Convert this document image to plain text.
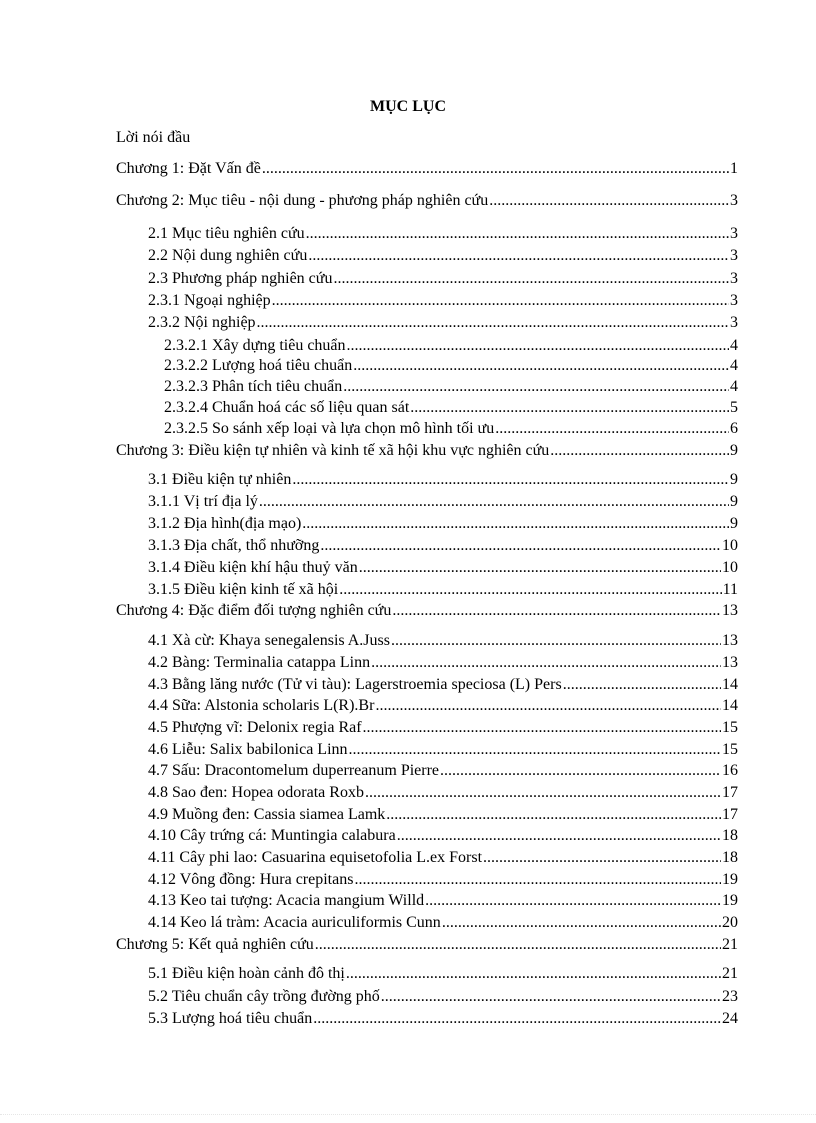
MỤC LỤC
Lời nói đầu
Chương 1: Đặt Vấn đề .....	1
Chương 2: Mục tiêu - nội dung - phương pháp nghiên cứu .....	3
2.1 Mục tiêu nghiên cứu .....	3
2.2 Nội dung nghiên cứu .....	3
2.3 Phương pháp nghiên cứu .....	3
2.3.1 Ngoại nghiệp .....	3
2.3.2 Nội nghiệp .....	3
2.3.2.1 Xây dựng tiêu chuẩn .....	4
2.3.2.2 Lượng hoá tiêu chuẩn .....	4
2.3.2.3 Phân tích tiêu chuẩn .....	4
2.3.2.4 Chuẩn hoá các số liệu quan sát .....	5
2.3.2.5 So sánh xếp loại và lựa chọn mô hình tối ưu .....	6
Chương 3: Điều kiện tự nhiên và kinh tế xã hội khu vực nghiên cứu .....	9
3.1 Điều kiện tự nhiên .....	9
3.1.1 Vị trí địa lý .....	9
3.1.2 Địa hình(địa mạo) .....	9
3.1.3 Địa chất, thổ nhưỡng .....	10
3.1.4 Điều kiện khí hậu thuỷ văn .....	10
3.1.5 Điều kiện kinh tế xã hội .....	11
Chương 4: Đặc điểm đối tượng nghiên cứu .....	13
4.1 Xà cừ: Khaya senegalensis A.Juss .....	13
4.2 Bàng: Terminalia catappa Linn .....	13
4.3 Bằng lăng nước (Tử vi tàu): Lagerstroemia speciosa (L) Pers .....	14
4.4 Sữa: Alstonia scholaris L(R).Br .....	14
4.5 Phượng vĩ: Delonix regia Raf .....	15
4.6 Liễu: Salix babilonica Linn .....	15
4.7 Sấu: Dracontomelum duperreanum Pierre .....	16
4.8 Sao đen: Hopea odorata Roxb .....	17
4.9 Muồng đen: Cassia siamea Lamk .....	17
4.10 Cây trứng cá: Muntingia calabura .....	18
4.11 Cây phi lao: Casuarina equisetofolia L.ex Forst .....	18
4.12 Vông đồng: Hura crepitans .....	19
4.13 Keo tai tượng: Acacia mangium Willd .....	19
4.14 Keo lá tràm: Acacia auriculiformis Cunn .....	20
Chương 5: Kết quả nghiên cứu .....	21
5.1 Điều kiện hoàn cảnh đô thị .....	21
5.2 Tiêu chuẩn cây trồng đường phố .....	23
5.3 Lượng hoá tiêu chuẩn .....	24
